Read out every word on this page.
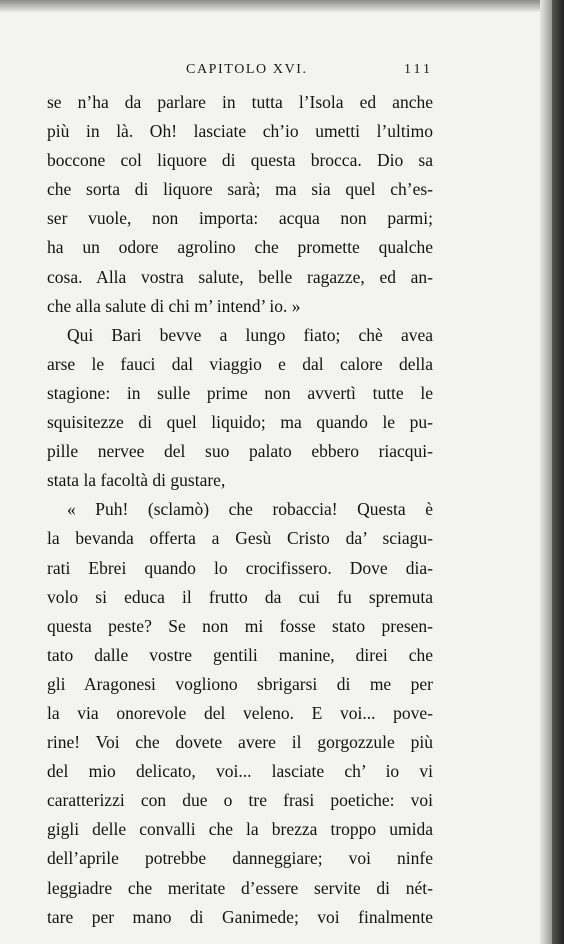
CAPITOLO XVI.	111
se n’ha da parlare in tutta l’Isola ed anche
più in là. Oh! lasciate ch’io umetti l’ultimo
boccone col liquore di questa brocca. Dio sa
che sorta di liquore sarà; ma sia quel ch’es-
ser vuole, non importa: acqua non parmi;
ha un odore agrolino che promette qualche
cosa. Alla vostra salute, belle ragazze, ed an-
che alla salute di chi m’ intend’ io. »
Qui Bari bevve a lungo fiato; chè avea
arse le fauci dal viaggio e dal calore della
stagione: in sulle prime non avvertì tutte le
squisitezze di quel liquido; ma quando le pu-
pille nervee del suo palato ebbero riacqui-
stata la facoltà di gustare,
« Puh! (sclamò) che robaccia! Questa è
la bevanda offerta a Gesù Cristo da’ sciagu-
rati Ebrei quando lo crocifissero. Dove dia-
volo si educa il frutto da cui fu spremuta
questa peste? Se non mi fosse stato presen-
tato dalle vostre gentili manine, direi che
gli Aragonesi vogliono sbrigarsi di me per
la via onorevole del veleno. E voi... pove-
rine! Voi che dovete avere il gorgozzule più
del mio delicato, voi... lasciate ch’ io vi
caratterizzi con due o tre frasi poetiche: voi
gigli delle convalli che la brezza troppo umida
dell’aprile potrebbe danneggiare; voi ninfe
leggiadre che meritate d’essere servite di nét-
tare per mano di Ganimede; voi finalmente
